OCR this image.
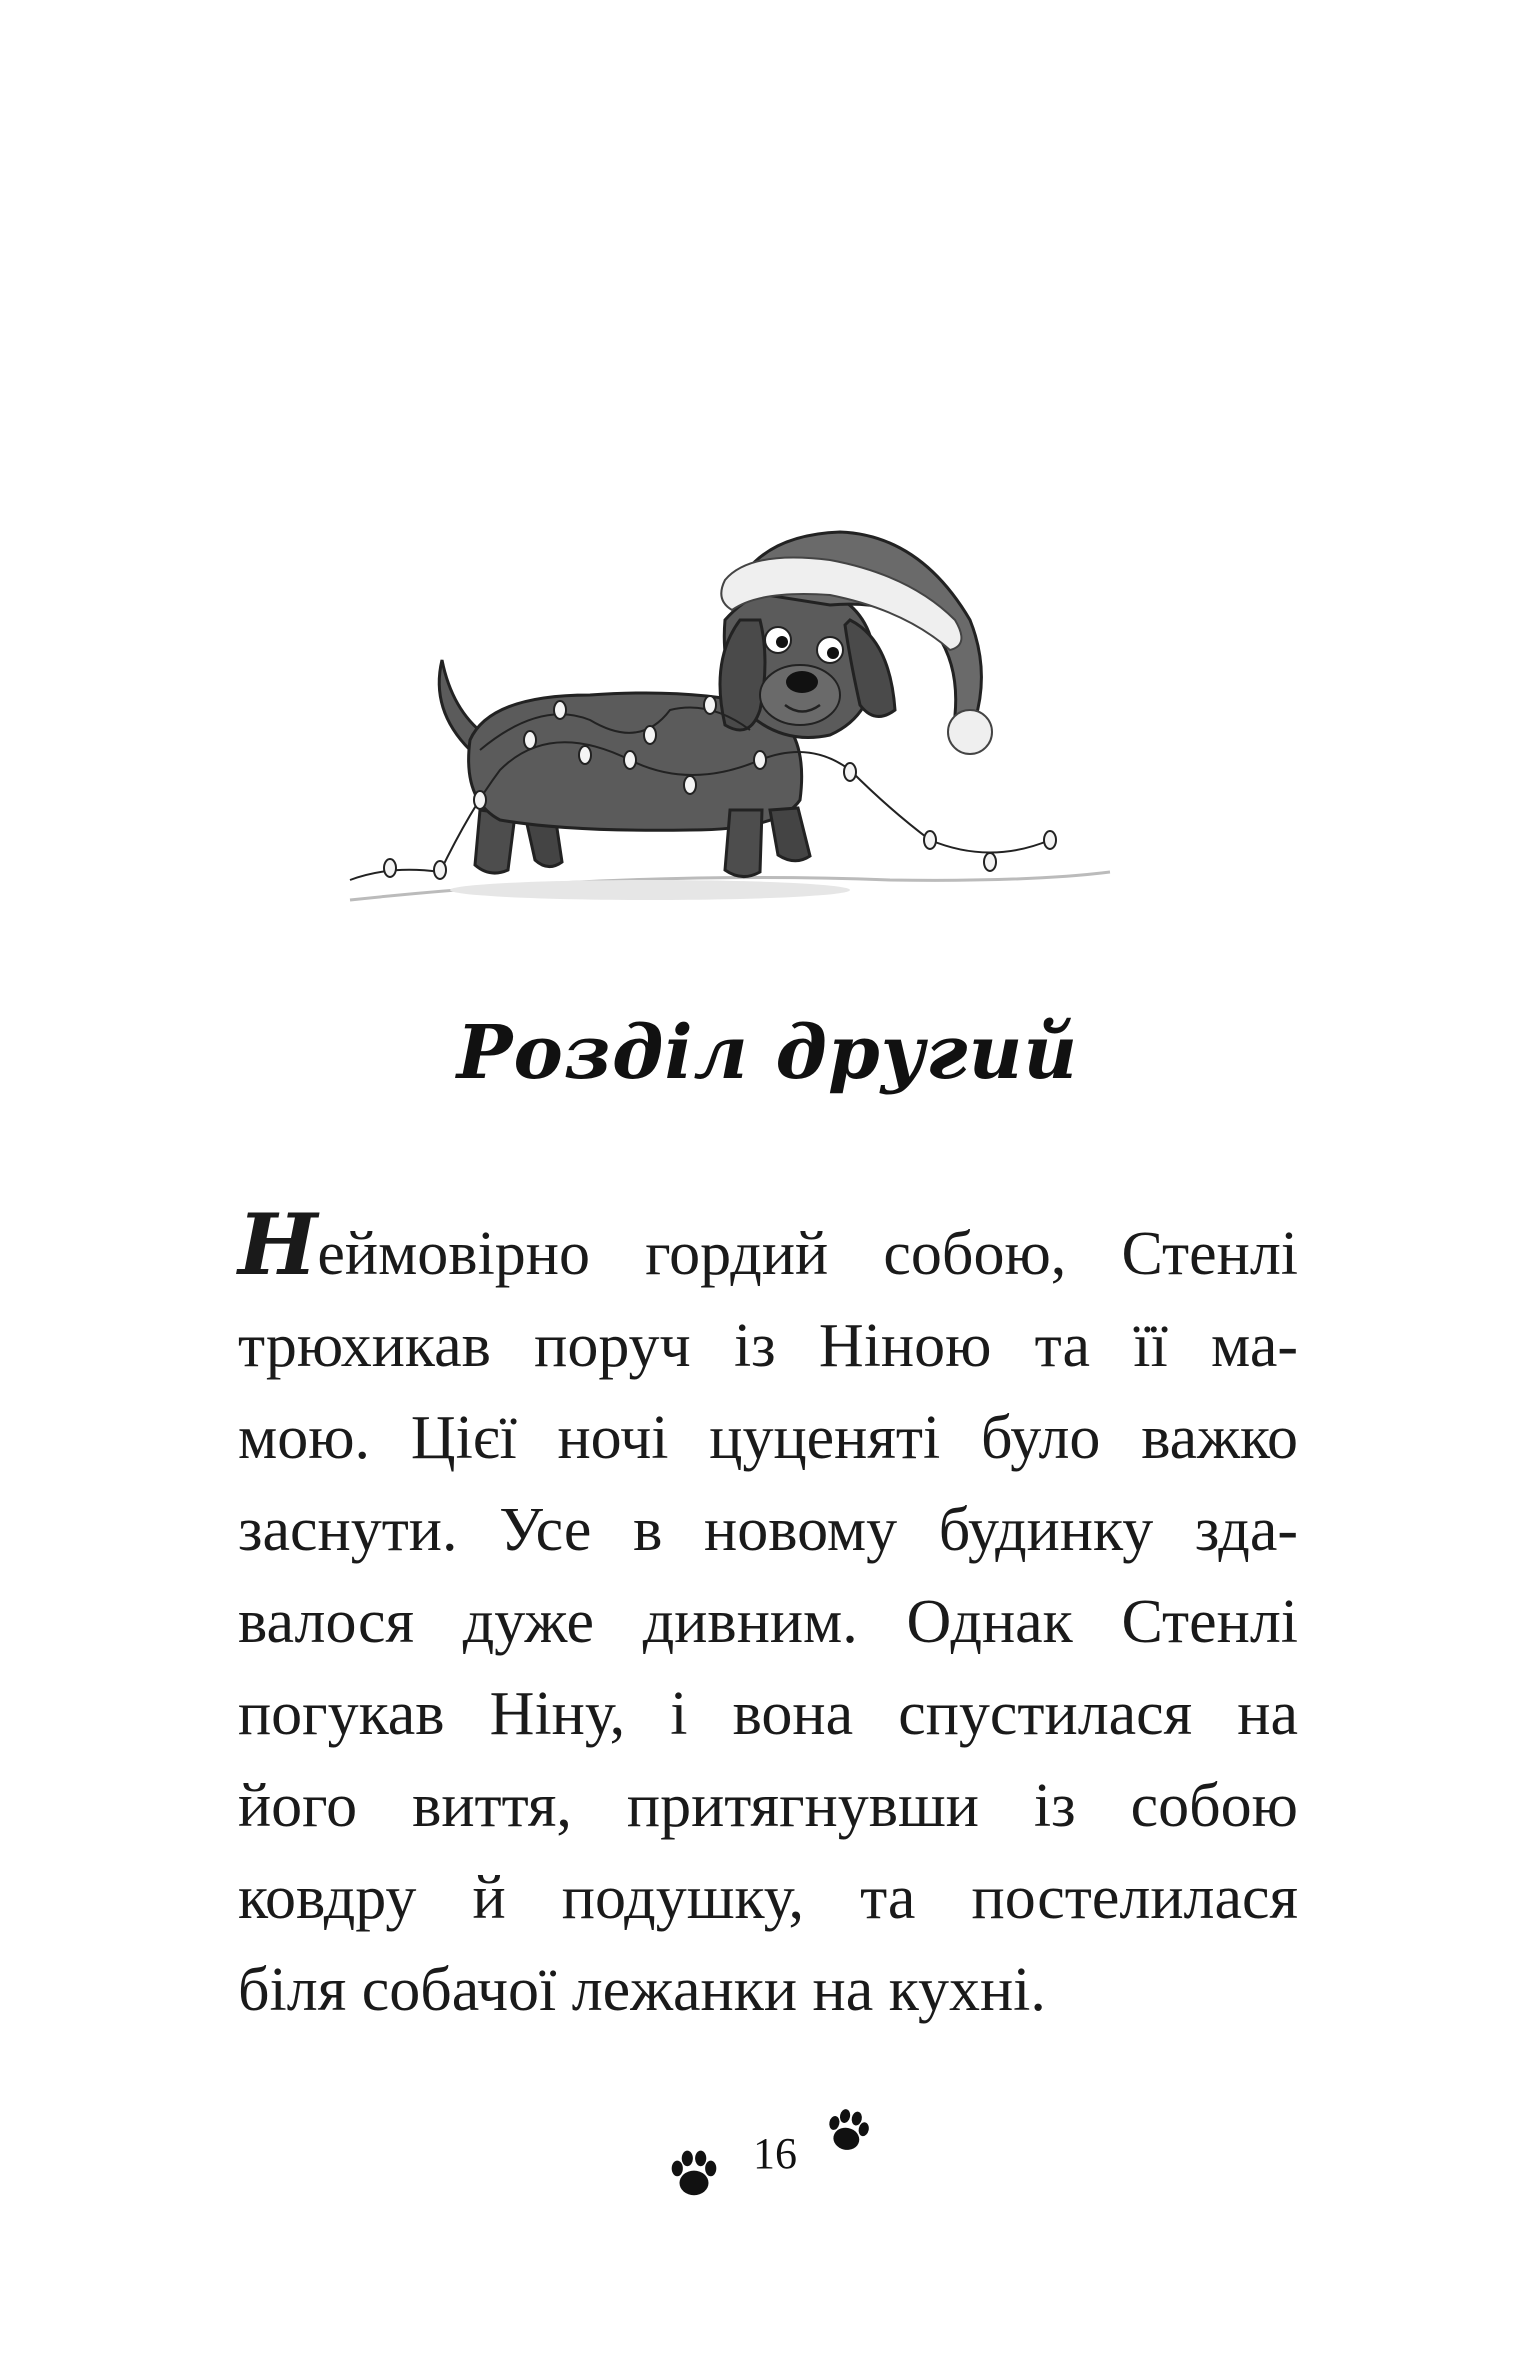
Розділ другий
Неймовірно гордий собою, Стенлі
трюхикав поруч із Ніною та її ма-
мою. Цієї ночі цуценяті було важко
заснути. Усе в новому будинку зда-
валося дуже дивним. Однак Стенлі
погукав Ніну, і вона спустилася на
його виття, притягнувши із собою
ковдру й подушку, та постелилася
біля собачої лежанки на кухні.
16
